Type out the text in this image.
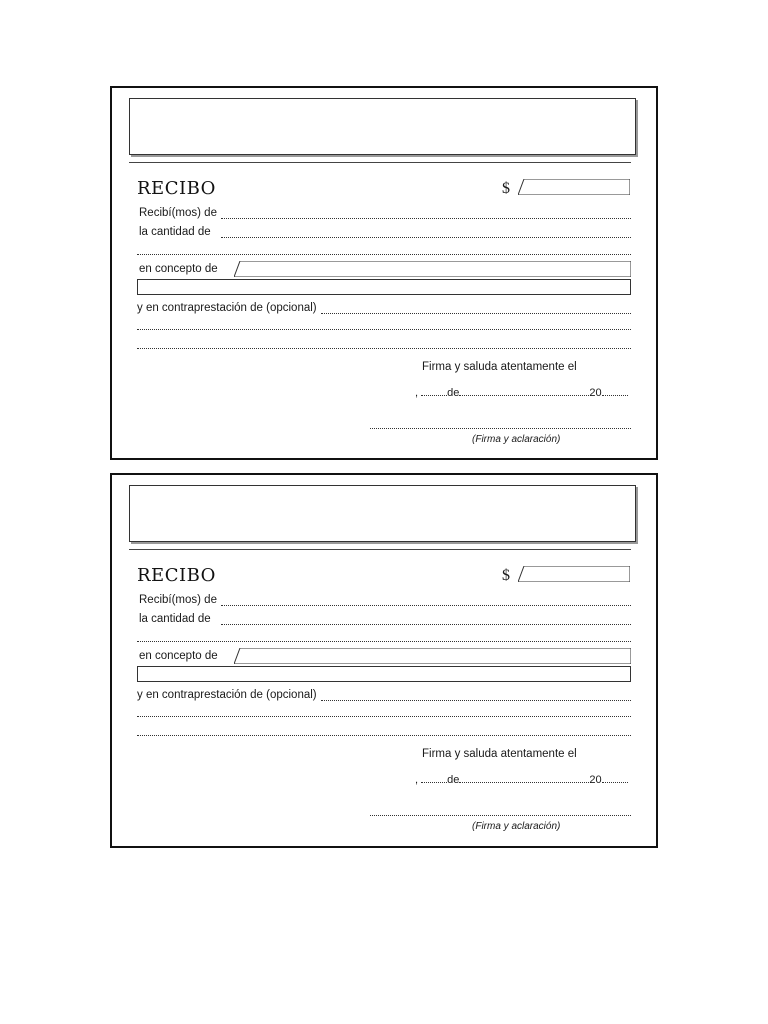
RECIBO	$
Recibí(mos) de
la cantidad de
en concepto de
y en contraprestación de (opcional)
Firma y saluda atentamente el
,	de	20
(Firma y aclaración)
RECIBO	$
Recibí(mos) de
la cantidad de
en concepto de
y en contraprestación de (opcional)
Firma y saluda atentamente el
,	de	20
(Firma y aclaración)
